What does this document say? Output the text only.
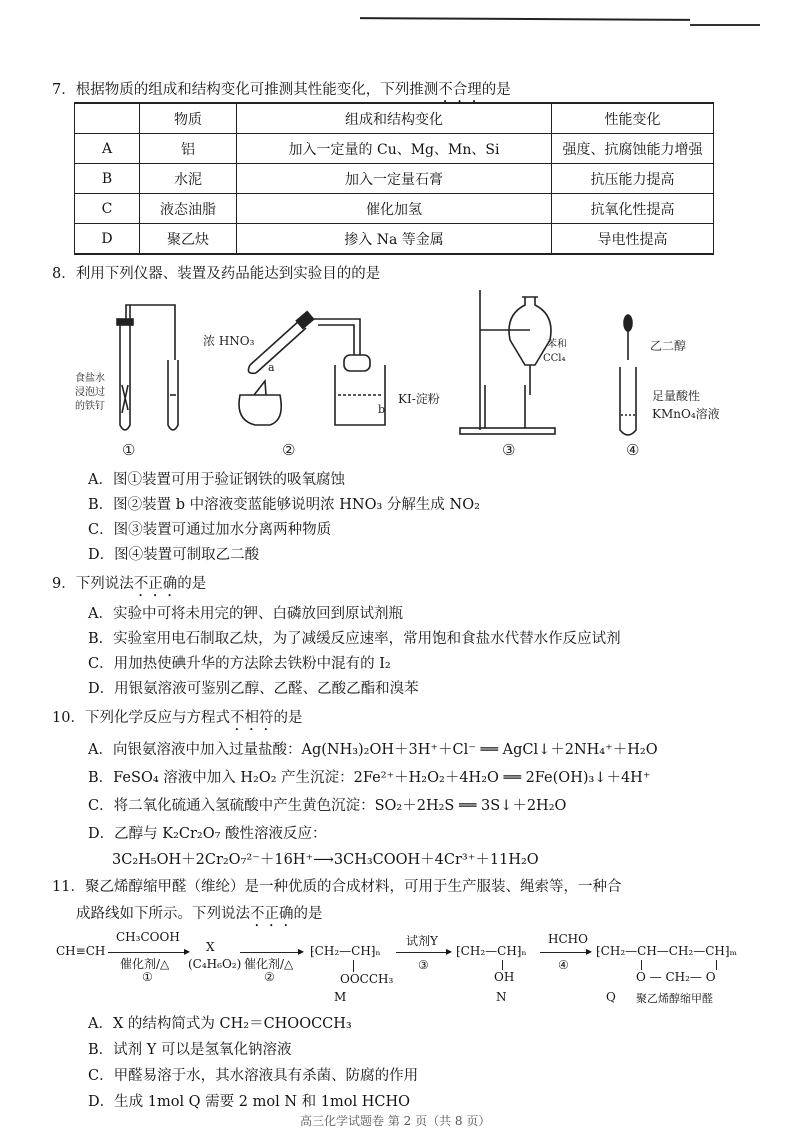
7．根据物质的组成和结构变化可推测其性能变化，下列推测不合理的是
	物质	组成和结构变化	性能变化
A	铝	加入一定量的 Cu、Mg、Mn、Si	强度、抗腐蚀能力增强
B	水泥	加入一定量石膏	抗压能力提高
C	液态油脂	催化加氢	抗氧化性提高
D	聚乙炔	掺入 Na 等金属	导电性提高
8．利用下列仪器、装置及药品能达到实验目的的是
食盐水
浸泡过
的铁钉
①
浓 HNO₃
a
b
KI-淀粉
②
苯和
CCl₄
③
乙二醇
足量酸性
KMnO₄溶液
④
A．图①装置可用于验证钢铁的吸氧腐蚀
B．图②装置 b 中溶液变蓝能够说明浓 HNO₃ 分解生成 NO₂
C．图③装置可通过加水分离两种物质
D．图④装置可制取乙二酸
9．下列说法不正确的是
A．实验中可将未用完的钾、白磷放回到原试剂瓶
B．实验室用电石制取乙炔，为了减缓反应速率，常用饱和食盐水代替水作反应试剂
C．用加热使碘升华的方法除去铁粉中混有的 I₂
D．用银氨溶液可鉴别乙醇、乙醛、乙酸乙酯和溴苯
10．下列化学反应与方程式不相符的是
A．向银氨溶液中加入过量盐酸：Ag(NH₃)₂OH＋3H⁺＋Cl⁻ ══ AgCl↓＋2NH₄⁺＋H₂O
B．FeSO₄ 溶液中加入 H₂O₂ 产生沉淀：2Fe²⁺＋H₂O₂＋4H₂O ══ 2Fe(OH)₃↓＋4H⁺
C．将二氧化硫通入氢硫酸中产生黄色沉淀：SO₂＋2H₂S ══ 3S↓＋2H₂O
D．乙醇与 K₂Cr₂O₇ 酸性溶液反应：
3C₂H₅OH＋2Cr₂O₇²⁻＋16H⁺⟶3CH₃COOH＋4Cr³⁺＋11H₂O
11．聚乙烯醇缩甲醛（维纶）是一种优质的合成材料，可用于生产服装、绳索等，一种合
成路线如下所示。下列说法不正确的是
CH≡CH
CH₃COOH
▸
催化剂/△
①
X
(C₄H₆O₂)
▸
催化剂/△
②
⁅CH₂—CH⁆ₙ
OOCCH₃
M
试剂Y
▸
③
⁅CH₂—CH⁆ₙ
OH
N
HCHO
▸
④
⁅CH₂—CH—CH₂—CH⁆ₘ
O — CH₂— O
Q 聚乙烯醇缩甲醛
A．X 的结构简式为 CH₂＝CHOOCCH₃
B．试剂 Y 可以是氢氧化钠溶液
C．甲醛易溶于水，其水溶液具有杀菌、防腐的作用
D．生成 1mol Q 需要 2 mol N 和 1mol HCHO
高三化学试题卷 第 2 页（共 8 页）
